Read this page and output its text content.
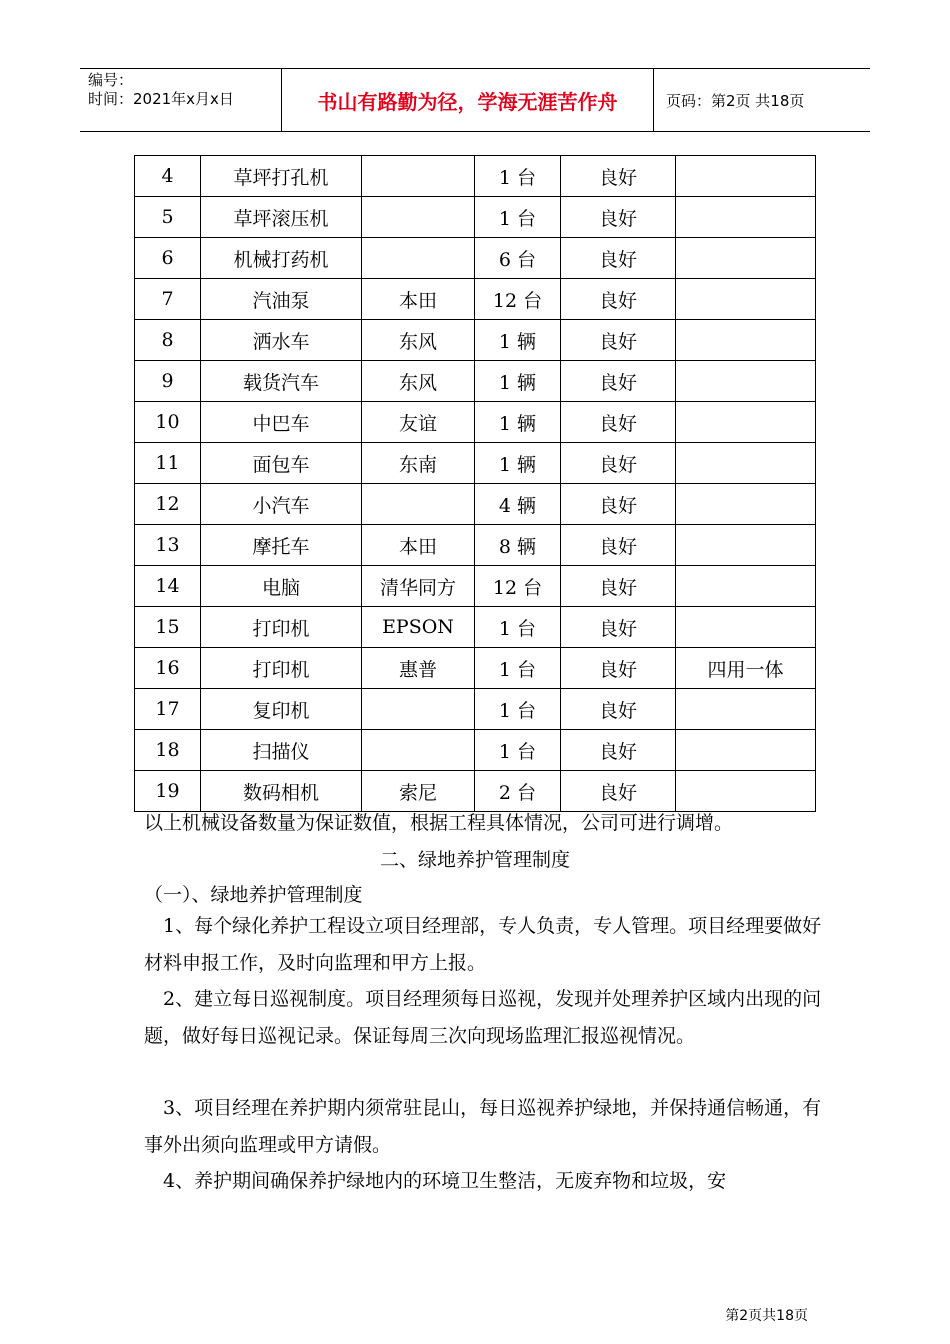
编号：
时间：2021年x月x日	书山有路勤为径，学海无涯苦作舟	页码：第2页 共18页
4	草坪打孔机		1 台	良好	
5	草坪滚压机		1 台	良好	
6	机械打药机		6 台	良好	
7	汽油泵	本田	12 台	良好	
8	洒水车	东风	1 辆	良好	
9	载货汽车	东风	1 辆	良好	
10	中巴车	友谊	1 辆	良好	
11	面包车	东南	1 辆	良好	
12	小汽车		4 辆	良好	
13	摩托车	本田	8 辆	良好	
14	电脑	清华同方	12 台	良好	
15	打印机	EPSON	1 台	良好	
16	打印机	惠普	1 台	良好	四用一体
17	复印机		1 台	良好	
18	扫描仪		1 台	良好	
19	数码相机	索尼	2 台	良好	
以上机械设备数量为保证数值，根据工程具体情况，公司可进行调增。
二、绿地养护管理制度
（一）、绿地养护管理制度
1、每个绿化养护工程设立项目经理部，专人负责，专人管理。项目经理要做好材料申报工作，及时向监理和甲方上报。
2、建立每日巡视制度。项目经理须每日巡视，发现并处理养护区域内出现的问题，做好每日巡视记录。保证每周三次向现场监理汇报巡视情况。
3、项目经理在养护期内须常驻昆山，每日巡视养护绿地，并保持通信畅通，有事外出须向监理或甲方请假。
4、养护期间确保养护绿地内的环境卫生整洁，无废弃物和垃圾，安
第2页共18页
